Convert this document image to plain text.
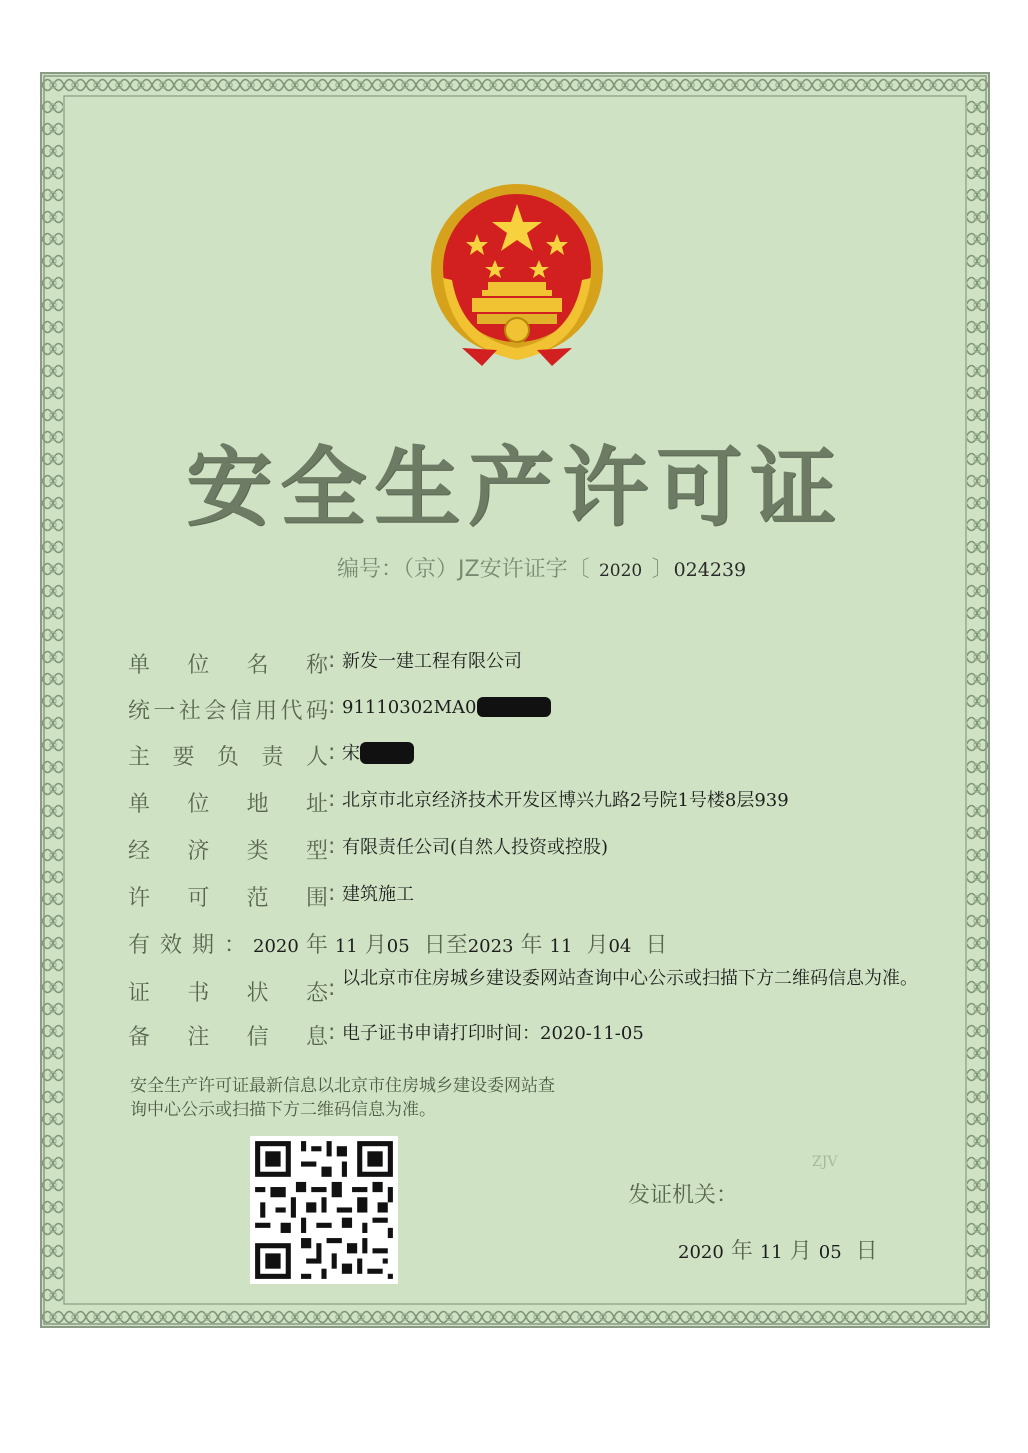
安全生产许可证
编号：（京）JZ安许证字〔 2020 〕024239
单位名称 : 新发一建工程有限公司
统一社会信用代码 : 91110302MA0
主要负责人 : 宋
单位地址 : 北京市北京经济技术开发区博兴九路2号院1号楼8层939
经济类型 : 有限责任公司(自然人投资或控股)
许可范围 : 建筑施工
有效期： 2020 年 11 月05 日至2023 年 11 月04 日
证书状态 : 以北京市住房城乡建设委网站查询中心公示或扫描下方二维码信息为准。
备注信息 : 电子证书申请打印时间：2020-11-05
安全生产许可证最新信息以北京市住房城乡建设委网站查询中心公示或扫描下方二维码信息为准。
ZJV
发证机关：
2020 年 11 月 05 日
